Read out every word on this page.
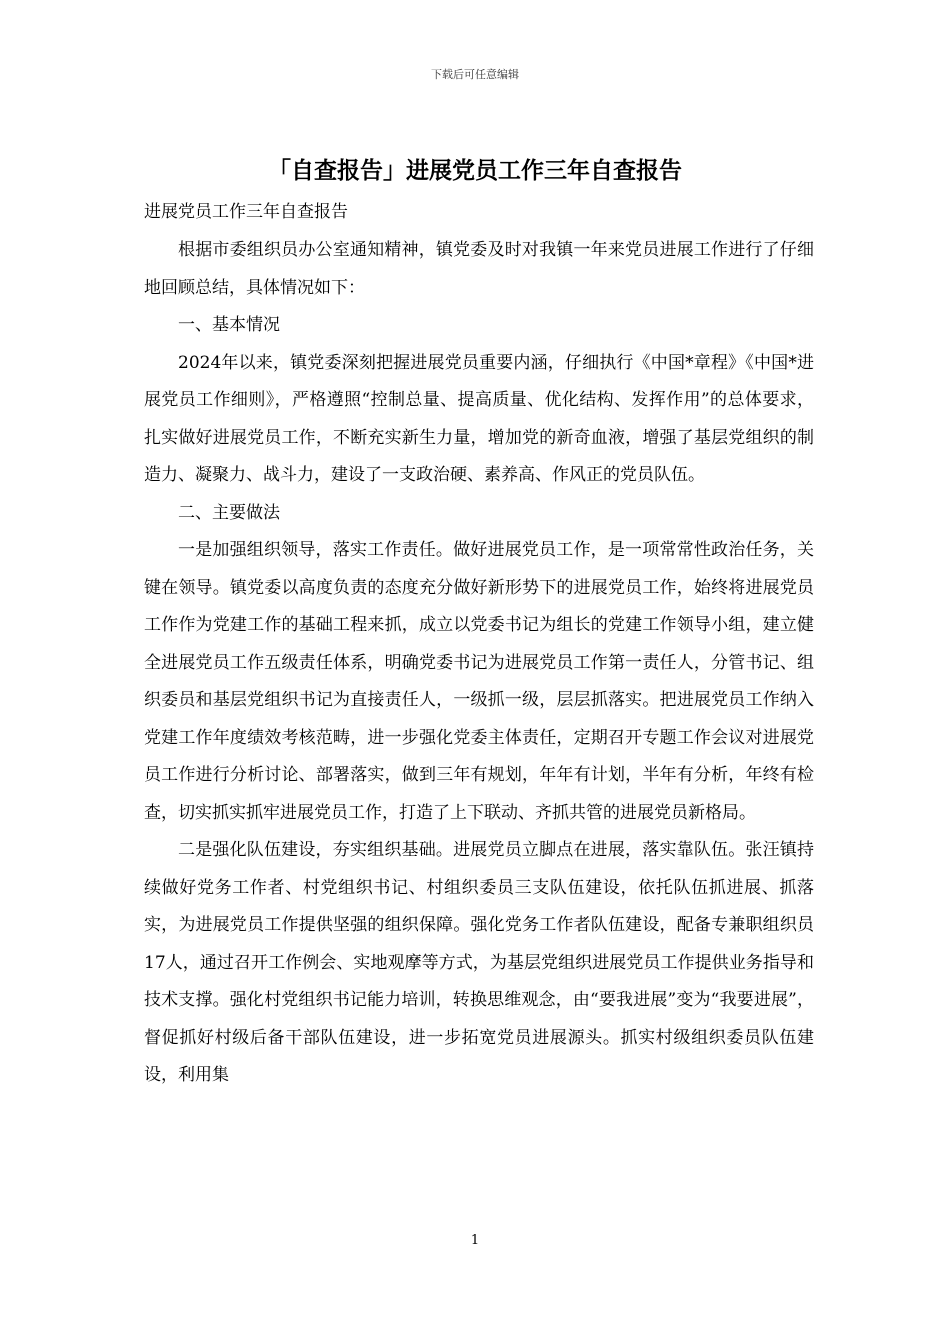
下载后可任意编辑
「自查报告」进展党员工作三年自查报告

进展党员工作三年自查报告

根据市委组织员办公室通知精神，镇党委及时对我镇一年来党员进展工作进行了仔细地回顾总结，具体情况如下：

一、基本情况

2024年以来，镇党委深刻把握进展党员重要内涵，仔细执行《中国*章程》《中国*进展党员工作细则》，严格遵照“控制总量、提高质量、优化结构、发挥作用”的总体要求，扎实做好进展党员工作，不断充实新生力量，增加党的新奇血液，增强了基层党组织的制造力、凝聚力、战斗力，建设了一支政治硬、素养高、作风正的党员队伍。

二、主要做法

一是加强组织领导，落实工作责任。做好进展党员工作，是一项常常性政治任务，关键在领导。镇党委以高度负责的态度充分做好新形势下的进展党员工作，始终将进展党员工作作为党建工作的基础工程来抓，成立以党委书记为组长的党建工作领导小组，建立健全进展党员工作五级责任体系，明确党委书记为进展党员工作第一责任人，分管书记、组织委员和基层党组织书记为直接责任人，一级抓一级，层层抓落实。把进展党员工作纳入党建工作年度绩效考核范畴，进一步强化党委主体责任，定期召开专题工作会议对进展党员工作进行分析讨论、部署落实，做到三年有规划，年年有计划，半年有分析，年终有检查，切实抓实抓牢进展党员工作，打造了上下联动、齐抓共管的进展党员新格局。

二是强化队伍建设，夯实组织基础。进展党员立脚点在进展，落实靠队伍。张汪镇持续做好党务工作者、村党组织书记、村组织委员三支队伍建设，依托队伍抓进展、抓落实，为进展党员工作提供坚强的组织保障。强化党务工作者队伍建设，配备专兼职组织员17人，通过召开工作例会、实地观摩等方式，为基层党组织进展党员工作提供业务指导和技术支撑。强化村党组织书记能力培训，转换思维观念，由“要我进展”变为“我要进展”，督促抓好村级后备干部队伍建设，进一步拓宽党员进展源头。抓实村级组织委员队伍建设，利用集

1
